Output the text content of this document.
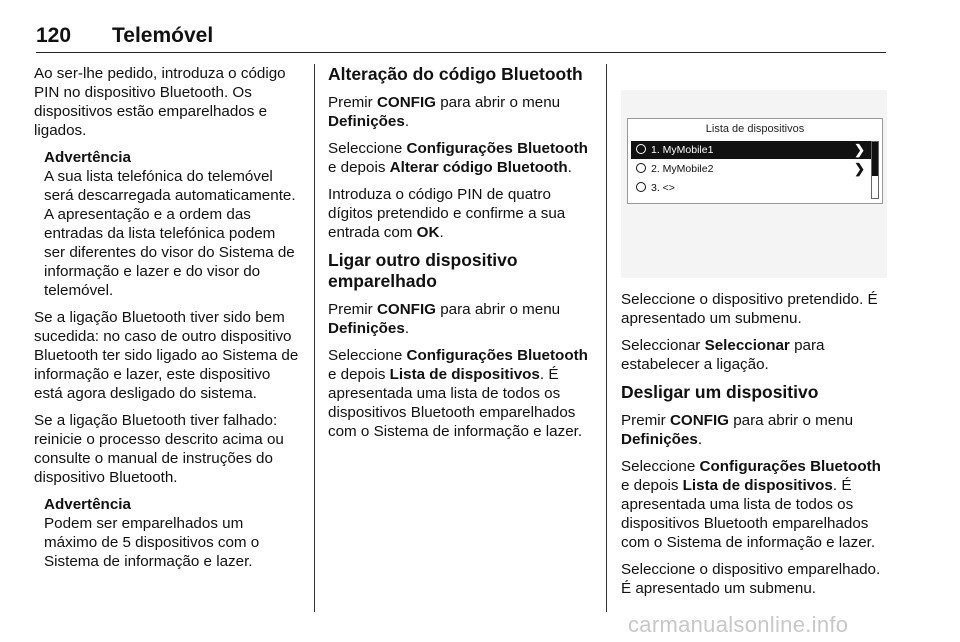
120 Telemóvel

Ao ser-lhe pedido, introduza o código PIN no dispositivo Bluetooth. Os dispositivos estão emparelhados e ligados.

Advertência
A sua lista telefónica do telemóvel será descarregada automaticamente. A apresentação e a ordem das entradas da lista telefónica podem ser diferentes do visor do Sistema de informação e lazer e do visor do telemóvel.

Se a ligação Bluetooth tiver sido bem sucedida: no caso de outro dispositivo Bluetooth ter sido ligado ao Sistema de informação e lazer, este dispositivo está agora desligado do sistema.

Se a ligação Bluetooth tiver falhado: reinicie o processo descrito acima ou consulte o manual de instruções do dispositivo Bluetooth.

Advertência
Podem ser emparelhados um máximo de 5 dispositivos com o Sistema de informação e lazer.
Alteração do código Bluetooth

Premir CONFIG para abrir o menu Definições.

Seleccione Configurações Bluetooth e depois Alterar código Bluetooth.

Introduza o código PIN de quatro dígitos pretendido e confirme a sua entrada com OK.

Ligar outro dispositivo emparelhado

Premir CONFIG para abrir o menu Definições.

Seleccione Configurações Bluetooth e depois Lista de dispositivos. É apresentada uma lista de todos os dispositivos Bluetooth emparelhados com o Sistema de informação e lazer.

Lista de dispositivos
1. MyMobile1	❯
2. MyMobile2	❯
3. <>

Seleccione o dispositivo pretendido. É apresentado um submenu.

Seleccionar Seleccionar para estabelecer a ligação.

Desligar um dispositivo

Premir CONFIG para abrir o menu Definições.

Seleccione Configurações Bluetooth e depois Lista de dispositivos. É apresentada uma lista de todos os dispositivos Bluetooth emparelhados com o Sistema de informação e lazer.

Seleccione o dispositivo emparelhado. É apresentado um submenu.

carmanualsonline.info
